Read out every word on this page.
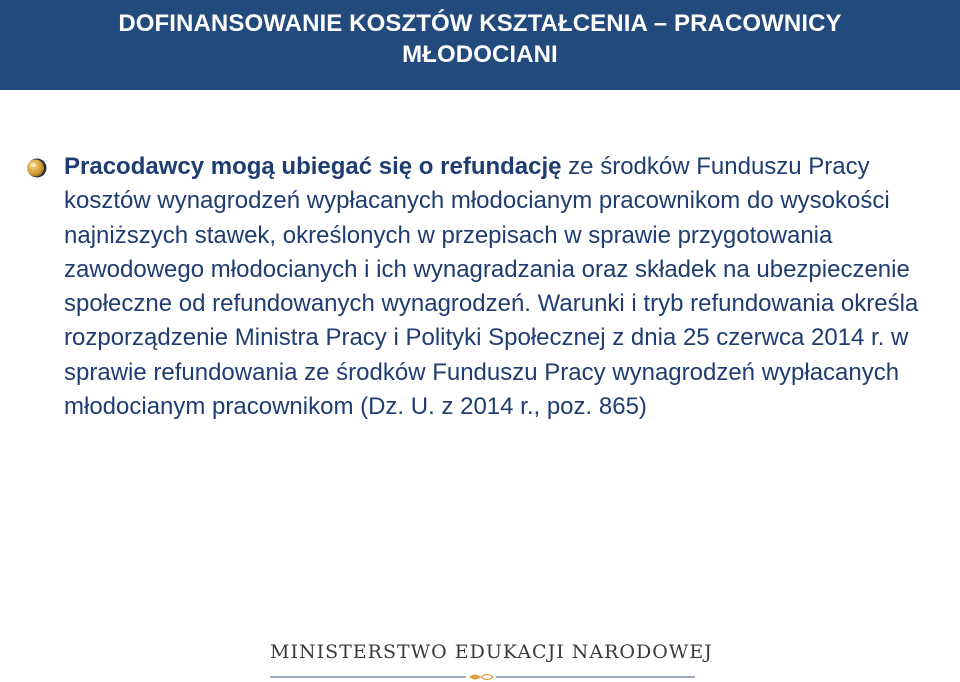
DOFINANSOWANIE KOSZTÓW KSZTAŁCENIA – PRACOWNICY MŁODOCIANI
Pracodawcy mogą ubiegać się o refundację ze środków Funduszu Pracy kosztów wynagrodzeń wypłacanych młodocianym pracownikom do wysokości najniższych stawek, określonych w przepisach w sprawie przygotowania zawodowego młodocianych i ich wynagradzania oraz składek na ubezpieczenie społeczne od refundowanych wynagrodzeń. Warunki i tryb refundowania określa rozporządzenie Ministra Pracy i Polityki Społecznej z dnia 25 czerwca 2014 r. w sprawie refundowania ze środków Funduszu Pracy wynagrodzeń wypłacanych młodocianym pracownikom (Dz. U. z 2014 r., poz. 865)
MINISTERSTWO EDUKACJI NARODOWEJ
